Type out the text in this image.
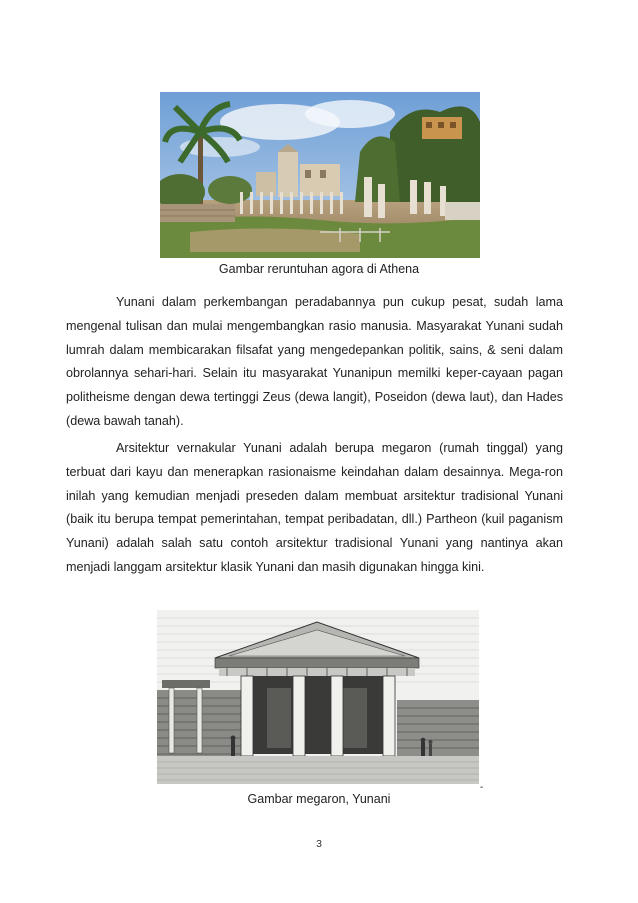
Gambar reruntuhan agora di Athena

Yunani dalam perkembangan peradabannya pun cukup pesat, sudah lama mengenal tulisan dan mulai mengembangkan rasio manusia. Masyarakat Yunani sudah lumrah dalam membicarakan filsafat yang mengedepankan politik, sains, & seni dalam obrolannya sehari-hari. Selain itu masyarakat Yunanipun memilki keper-cayaan pagan politheisme dengan dewa tertinggi Zeus (dewa langit), Poseidon (dewa laut), dan Hades (dewa bawah tanah).

Arsitektur vernakular Yunani adalah berupa megaron (rumah tinggal) yang terbuat dari kayu dan menerapkan rasionaisme keindahan dalam desainnya. Mega-ron inilah yang kemudian menjadi preseden dalam membuat arsitektur tradisional Yunani (baik itu berupa tempat pemerintahan, tempat peribadatan, dll.) Partheon (kuil paganism Yunani) adalah salah satu contoh arsitektur tradisional Yunani yang nantinya akan menjadi langgam arsitektur klasik Yunani dan masih digunakan hingga kini.

-
Gambar megaron, Yunani
3
